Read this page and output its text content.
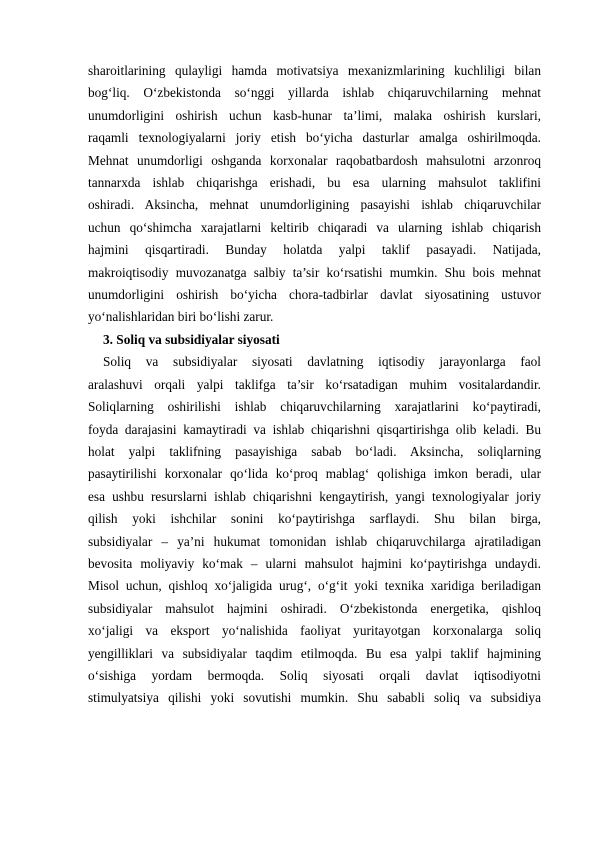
sharoitlarining qulayligi hamda motivatsiya mexanizmlarining kuchliligi bilan
bog‘liq. O‘zbekistonda so‘nggi yillarda ishlab chiqaruvchilarning mehnat
unumdorligini oshirish uchun kasb-hunar ta’limi, malaka oshirish kurslari,
raqamli texnologiyalarni joriy etish bo‘yicha dasturlar amalga oshirilmoqda.
Mehnat unumdorligi oshganda korxonalar raqobatbardosh mahsulotni arzonroq
tannarxda ishlab chiqarishga erishadi, bu esa ularning mahsulot taklifini
oshiradi. Aksincha, mehnat unumdorligining pasayishi ishlab chiqaruvchilar
uchun qo‘shimcha xarajatlarni keltirib chiqaradi va ularning ishlab chiqarish
hajmini qisqartiradi. Bunday holatda yalpi taklif pasayadi. Natijada,
makroiqtisodiy muvozanatga salbiy ta’sir ko‘rsatishi mumkin. Shu bois mehnat
unumdorligini oshirish bo‘yicha chora-tadbirlar davlat siyosatining ustuvor
yo‘nalishlaridan biri bo‘lishi zarur.
3. Soliq va subsidiyalar siyosati
Soliq va subsidiyalar siyosati davlatning iqtisodiy jarayonlarga faol
aralashuvi orqali yalpi taklifga ta’sir ko‘rsatadigan muhim vositalardandir.
Soliqlarning oshirilishi ishlab chiqaruvchilarning xarajatlarini ko‘paytiradi,
foyda darajasini kamaytiradi va ishlab chiqarishni qisqartirishga olib keladi. Bu
holat yalpi taklifning pasayishiga sabab bo‘ladi. Aksincha, soliqlarning
pasaytirilishi korxonalar qo‘lida ko‘proq mablag‘ qolishiga imkon beradi, ular
esa ushbu resurslarni ishlab chiqarishni kengaytirish, yangi texnologiyalar joriy
qilish yoki ishchilar sonini ko‘paytirishga sarflaydi. Shu bilan birga,
subsidiyalar – ya’ni hukumat tomonidan ishlab chiqaruvchilarga ajratiladigan
bevosita moliyaviy ko‘mak – ularni mahsulot hajmini ko‘paytirishga undaydi.
Misol uchun, qishloq xo‘jaligida urug‘, o‘g‘it yoki texnika xaridiga beriladigan
subsidiyalar mahsulot hajmini oshiradi. O‘zbekistonda energetika, qishloq
xo‘jaligi va eksport yo‘nalishida faoliyat yuritayotgan korxonalarga soliq
yengilliklari va subsidiyalar taqdim etilmoqda. Bu esa yalpi taklif hajmining
o‘sishiga yordam bermoqda. Soliq siyosati orqali davlat iqtisodiyotni
stimulyatsiya qilishi yoki sovutishi mumkin. Shu sababli soliq va subsidiya
